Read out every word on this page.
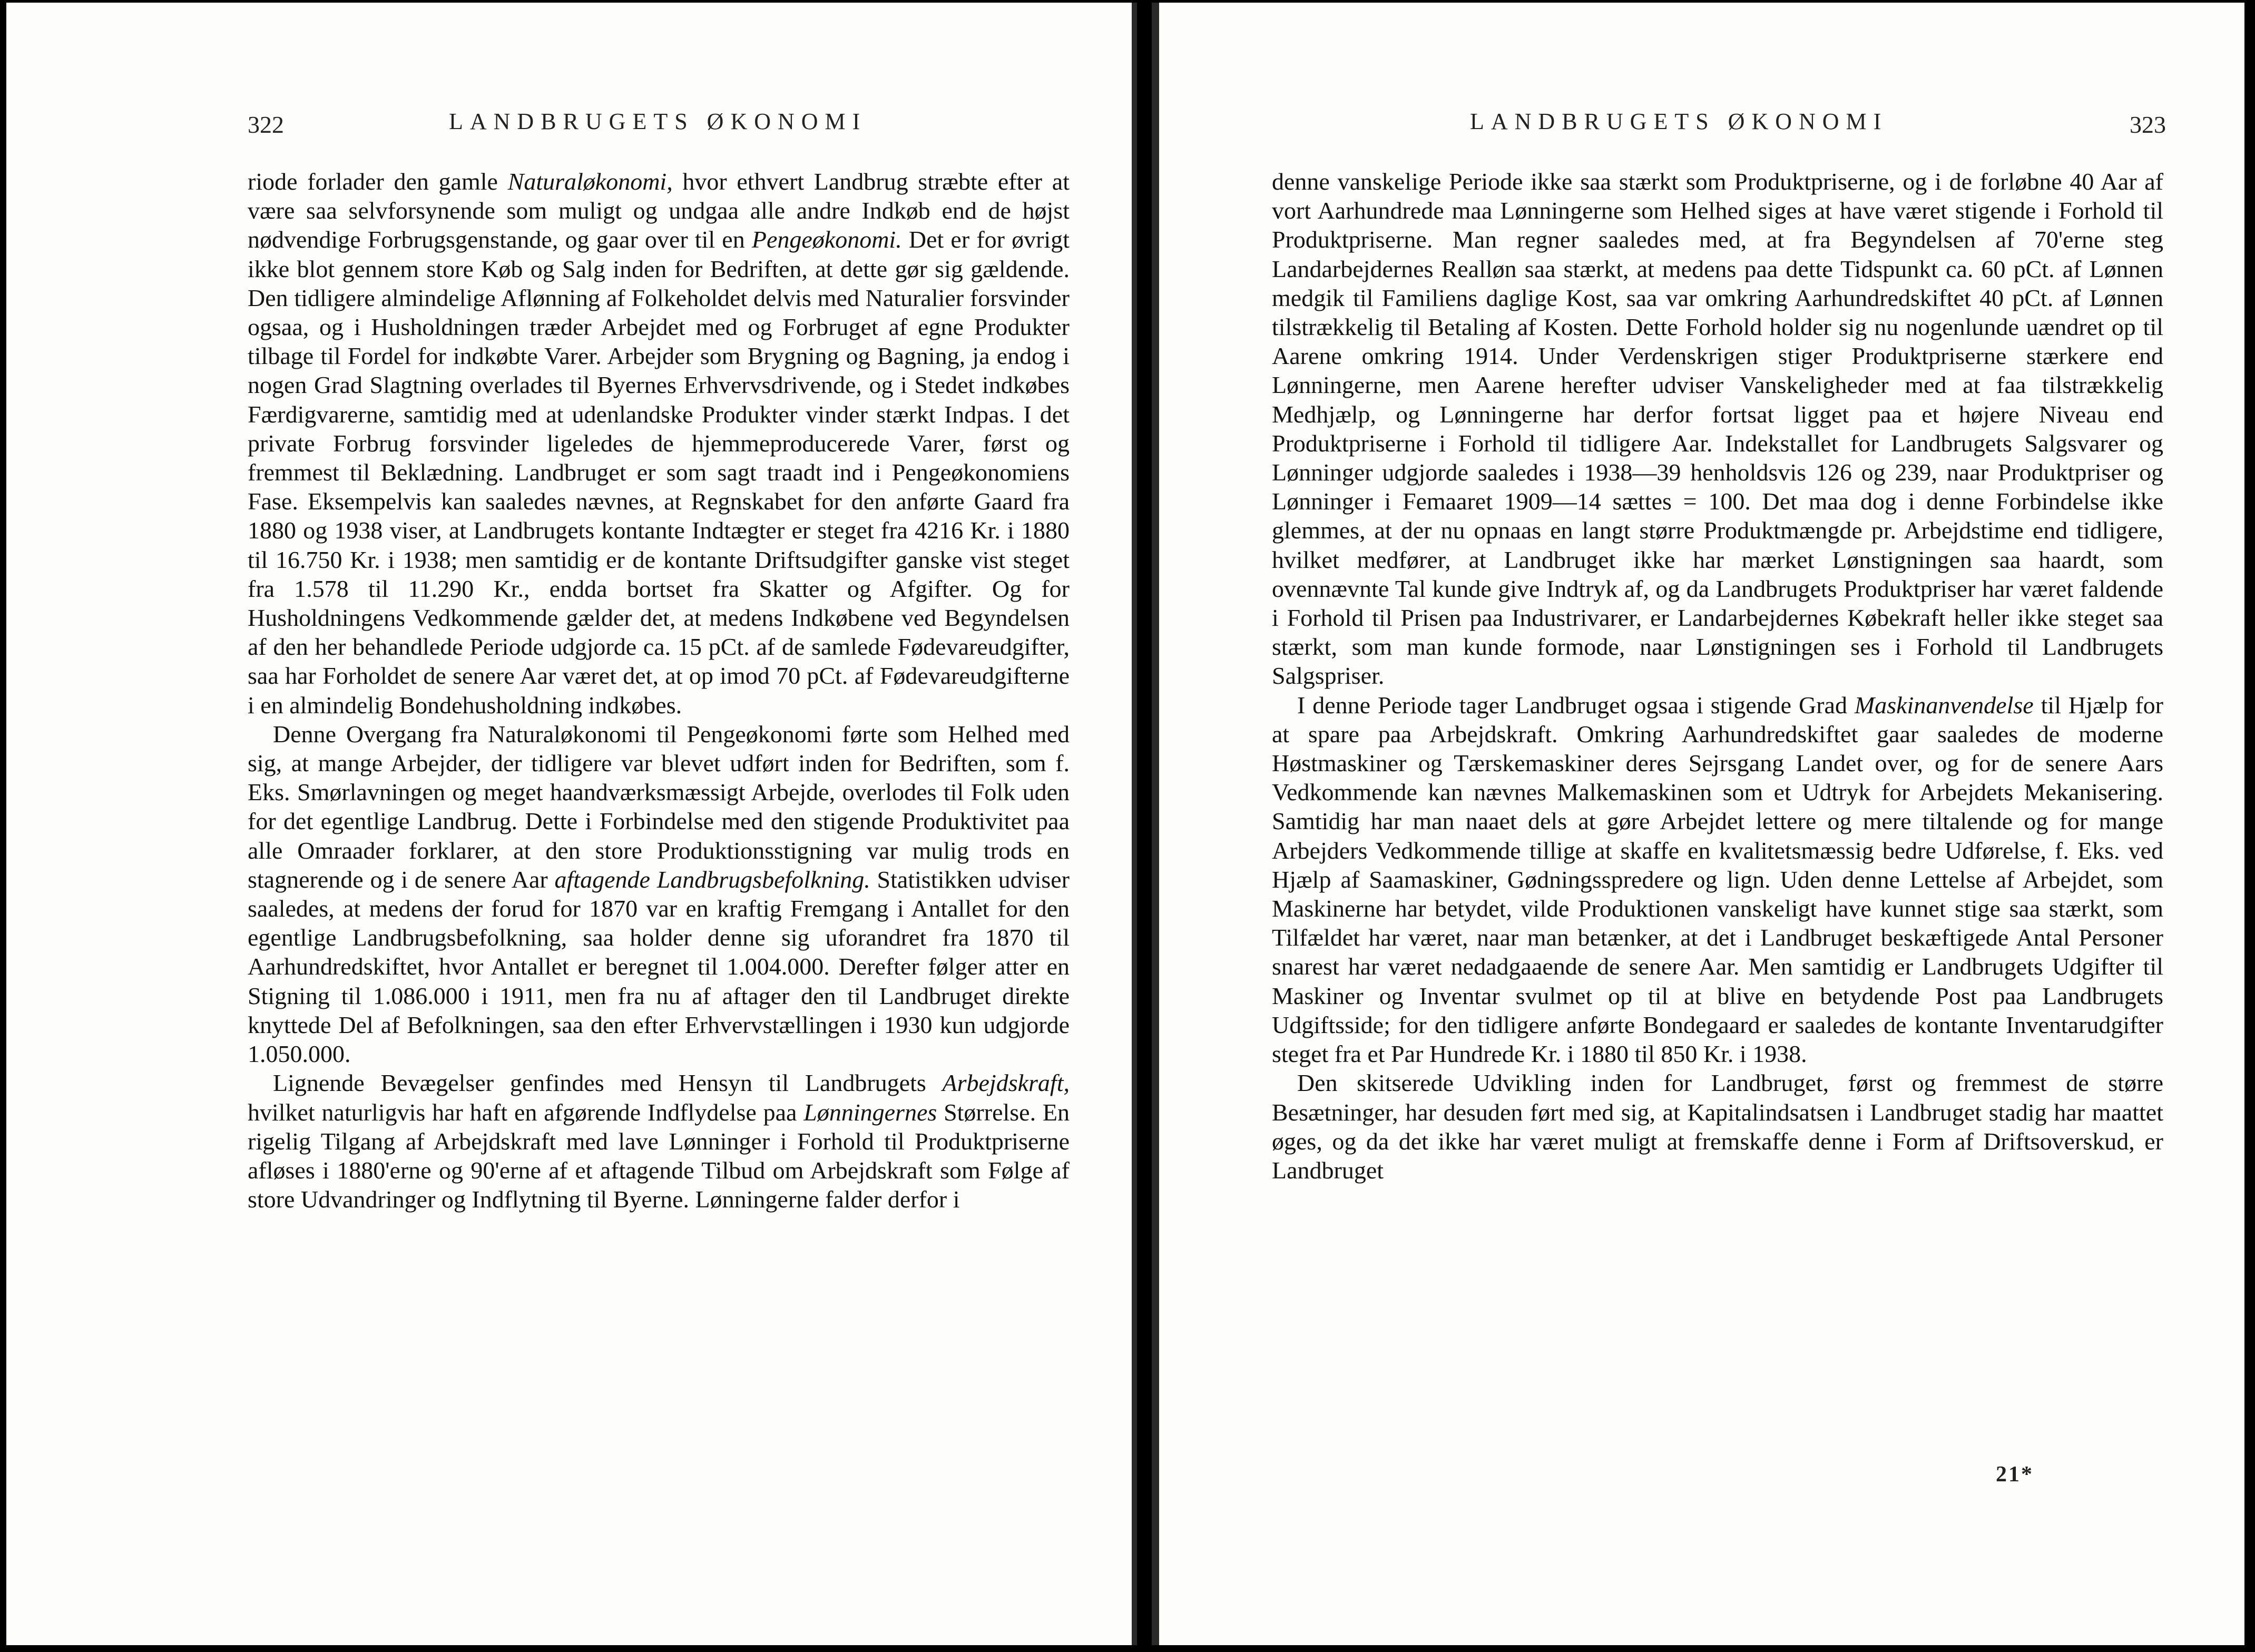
322	LANDBRUGETS ØKONOMI

riode forlader den gamle Naturaløkonomi, hvor ethvert Landbrug stræbte efter at være saa selvforsynende som muligt og undgaa alle andre Indkøb end de højst nødvendige Forbrugsgenstande, og gaar over til en Pengeøkonomi. Det er for øvrigt ikke blot gennem store Køb og Salg inden for Bedriften, at dette gør sig gældende. Den tidligere almindelige Aflønning af Folkeholdet delvis med Naturalier forsvinder ogsaa, og i Husholdningen træder Arbejdet med og Forbruget af egne Produkter tilbage til Fordel for indkøbte Varer. Arbejder som Brygning og Bagning, ja endog i nogen Grad Slagtning overlades til Byernes Erhvervsdrivende, og i Stedet indkøbes Færdigvarerne, samtidig med at udenlandske Produkter vinder stærkt Indpas. I det private Forbrug forsvinder ligeledes de hjemmeproducerede Varer, først og fremmest til Beklædning. Landbruget er som sagt traadt ind i Pengeøkonomiens Fase. Eksempelvis kan saaledes nævnes, at Regnskabet for den anførte Gaard fra 1880 og 1938 viser, at Landbrugets kontante Indtægter er steget fra 4216 Kr. i 1880 til 16.750 Kr. i 1938; men samtidig er de kontante Driftsudgifter ganske vist steget fra 1.578 til 11.290 Kr., endda bortset fra Skatter og Afgifter. Og for Husholdningens Vedkommende gælder det, at medens Indkøbene ved Begyndelsen af den her behandlede Periode udgjorde ca. 15 pCt. af de samlede Fødevareudgifter, saa har Forholdet de senere Aar været det, at op imod 70 pCt. af Fødevareudgifterne i en almindelig Bondehusholdning indkøbes.

Denne Overgang fra Naturaløkonomi til Pengeøkonomi førte som Helhed med sig, at mange Arbejder, der tidligere var blevet udført inden for Bedriften, som f. Eks. Smørlavningen og meget haandværksmæssigt Arbejde, overlodes til Folk uden for det egentlige Landbrug. Dette i Forbindelse med den stigende Produktivitet paa alle Omraader forklarer, at den store Produktionsstigning var mulig trods en stagnerende og i de senere Aar aftagende Landbrugsbefolkning. Statistikken udviser saaledes, at medens der forud for 1870 var en kraftig Fremgang i Antallet for den egentlige Landbrugsbefolkning, saa holder denne sig uforandret fra 1870 til Aarhundredskiftet, hvor Antallet er beregnet til 1.004.000. Derefter følger atter en Stigning til 1.086.000 i 1911, men fra nu af aftager den til Landbruget direkte knyttede Del af Befolkningen, saa den efter Erhvervstællingen i 1930 kun udgjorde 1.050.000.

Lignende Bevægelser genfindes med Hensyn til Landbrugets Arbejdskraft, hvilket naturligvis har haft en afgørende Indflydelse paa Lønningernes Størrelse. En rigelig Tilgang af Arbejdskraft med lave Lønninger i Forhold til Produktpriserne afløses i 1880'erne og 90'erne af et aftagende Tilbud om Arbejdskraft som Følge af store Udvandringer og Indflytning til Byerne. Lønningerne falder derfor i

LANDBRUGETS ØKONOMI	323

denne vanskelige Periode ikke saa stærkt som Produktpriserne, og i de forløbne 40 Aar af vort Aarhundrede maa Lønningerne som Helhed siges at have været stigende i Forhold til Produktpriserne. Man regner saaledes med, at fra Begyndelsen af 70'erne steg Landarbejdernes Realløn saa stærkt, at medens paa dette Tidspunkt ca. 60 pCt. af Lønnen medgik til Familiens daglige Kost, saa var omkring Aarhundredskiftet 40 pCt. af Lønnen tilstrækkelig til Betaling af Kosten. Dette Forhold holder sig nu nogenlunde uændret op til Aarene omkring 1914. Under Verdenskrigen stiger Produktpriserne stærkere end Lønningerne, men Aarene herefter udviser Vanskeligheder med at faa tilstrækkelig Medhjælp, og Lønningerne har derfor fortsat ligget paa et højere Niveau end Produktpriserne i Forhold til tidligere Aar. Indekstallet for Landbrugets Salgsvarer og Lønninger udgjorde saaledes i 1938—39 henholdsvis 126 og 239, naar Produktpriser og Lønninger i Femaaret 1909—14 sættes = 100. Det maa dog i denne Forbindelse ikke glemmes, at der nu opnaas en langt større Produktmængde pr. Arbejdstime end tidligere, hvilket medfører, at Landbruget ikke har mærket Lønstigningen saa haardt, som ovennævnte Tal kunde give Indtryk af, og da Landbrugets Produktpriser har været faldende i Forhold til Prisen paa Industrivarer, er Landarbejdernes Købekraft heller ikke steget saa stærkt, som man kunde formode, naar Lønstigningen ses i Forhold til Landbrugets Salgspriser.

I denne Periode tager Landbruget ogsaa i stigende Grad Maskinanvendelse til Hjælp for at spare paa Arbejdskraft. Omkring Aarhundredskiftet gaar saaledes de moderne Høstmaskiner og Tærskemaskiner deres Sejrsgang Landet over, og for de senere Aars Vedkommende kan nævnes Malkemaskinen som et Udtryk for Arbejdets Mekanisering. Samtidig har man naaet dels at gøre Arbejdet lettere og mere tiltalende og for mange Arbejders Vedkommende tillige at skaffe en kvalitetsmæssig bedre Udførelse, f. Eks. ved Hjælp af Saamaskiner, Gødningsspredere og lign. Uden denne Lettelse af Arbejdet, som Maskinerne har betydet, vilde Produktionen vanskeligt have kunnet stige saa stærkt, som Tilfældet har været, naar man betænker, at det i Landbruget beskæftigede Antal Personer snarest har været nedadgaaende de senere Aar. Men samtidig er Landbrugets Udgifter til Maskiner og Inventar svulmet op til at blive en betydende Post paa Landbrugets Udgiftsside; for den tidligere anførte Bondegaard er saaledes de kontante Inventarudgifter steget fra et Par Hundrede Kr. i 1880 til 850 Kr. i 1938.

Den skitserede Udvikling inden for Landbruget, først og fremmest de større Besætninger, har desuden ført med sig, at Kapitalindsatsen i Landbruget stadig har maattet øges, og da det ikke har været muligt at fremskaffe denne i Form af Driftsoverskud, er Landbruget

21*
